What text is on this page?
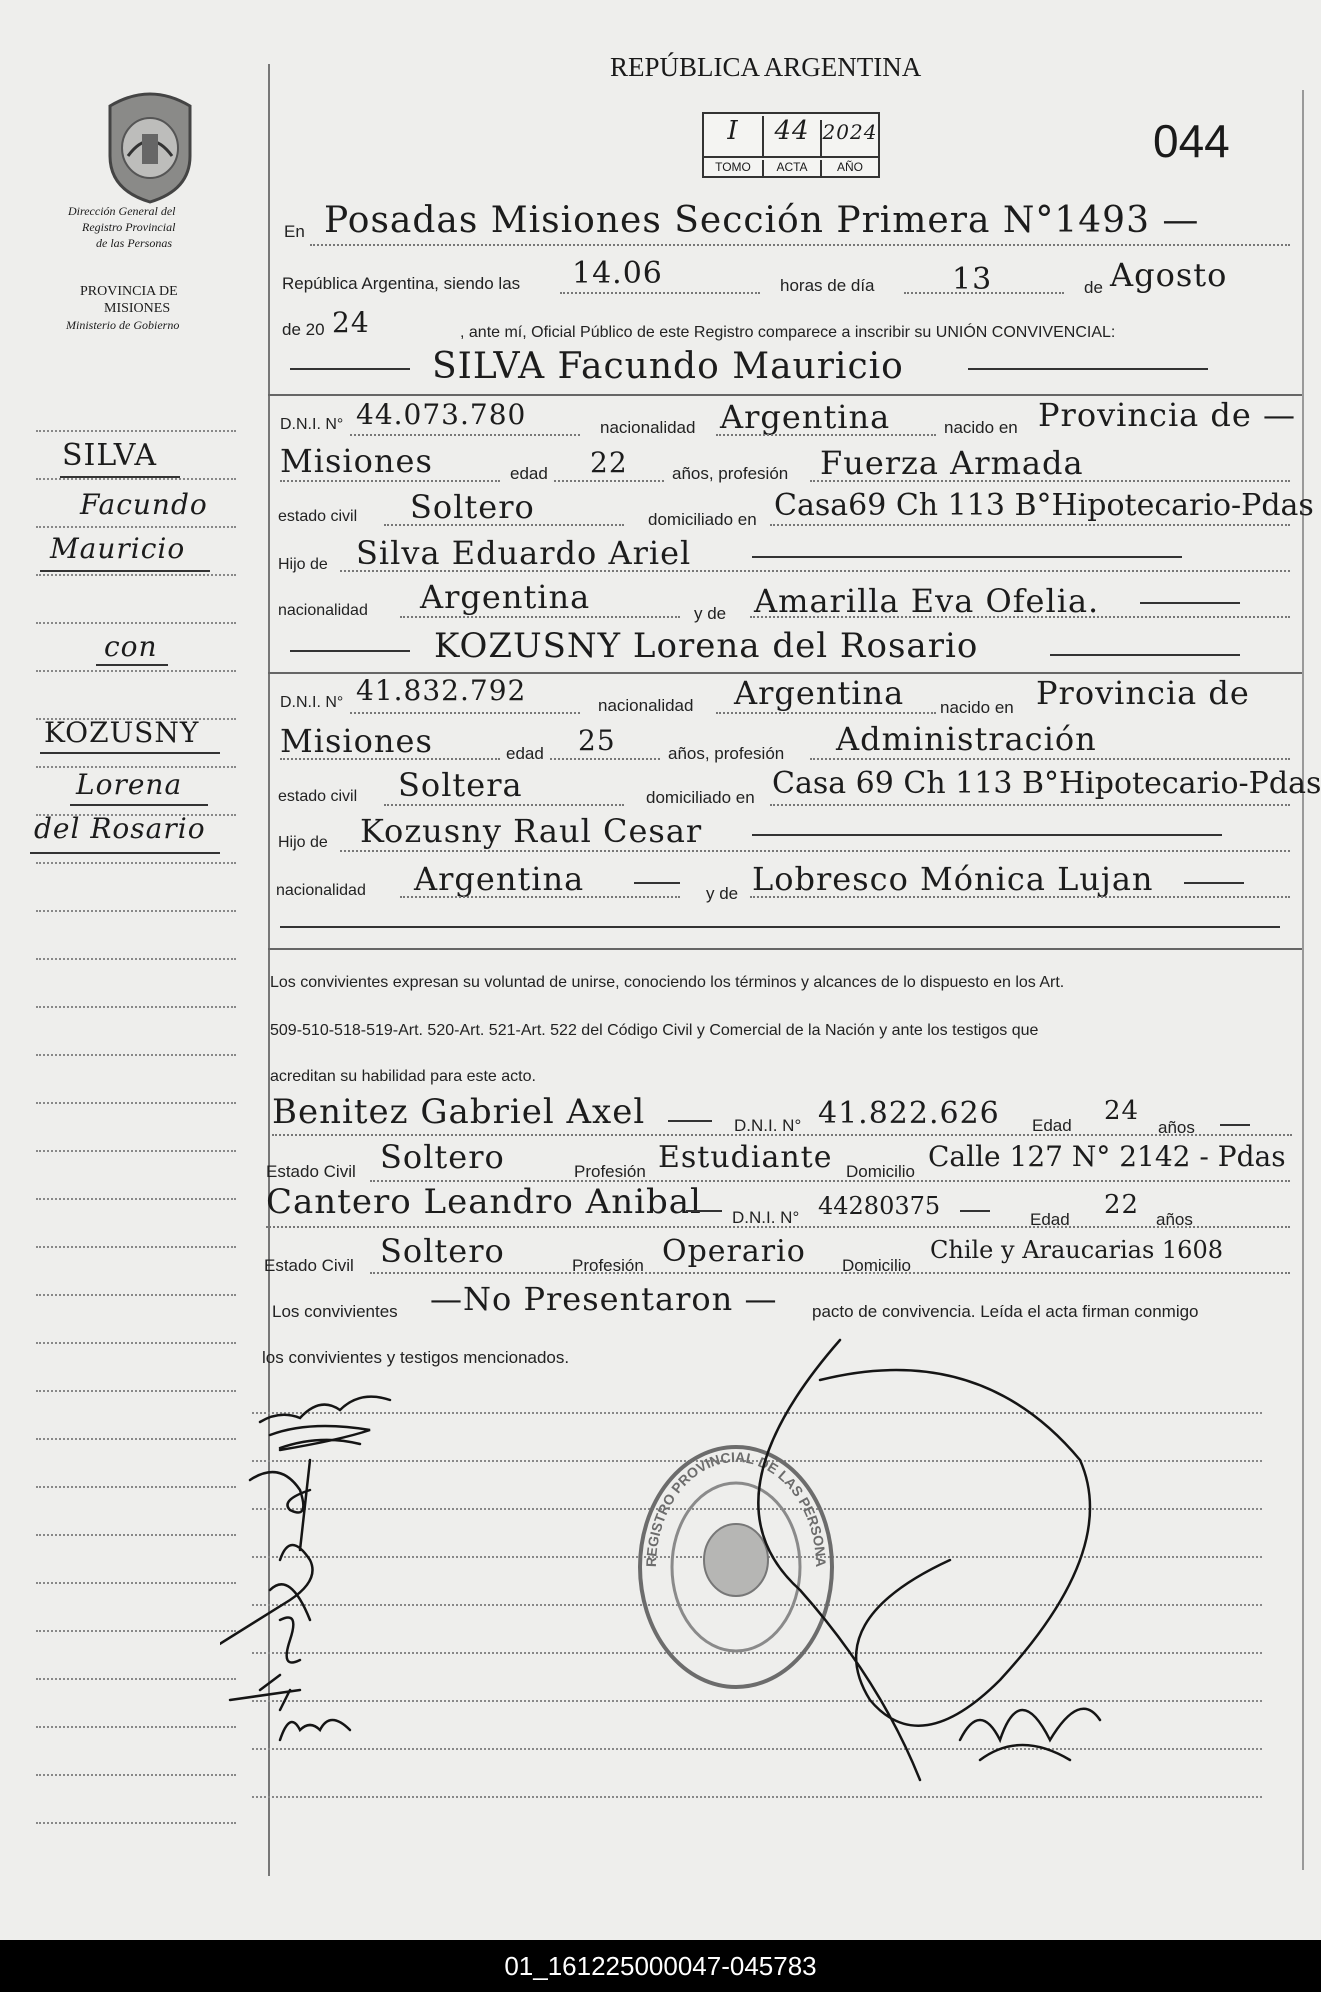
REPÚBLICA ARGENTINA
I	44 2024
TOMO	ACTA	AÑO	044
Dirección General del
Registro Provincial
de las Personas
PROVINCIA DE
MISIONES
Ministerio de Gobierno
SILVA
Facundo
Mauricio
con
KOZUSNY
Lorena
del Rosario
En Posadas Misiones Sección Primera N°1493 —
República Argentina, siendo las 14.06	horas de día	13	de Agosto
de 20 24	, ante mí, Oficial Público de este Registro comparece a inscribir su UNIÓN CONVIVENCIAL:
SILVA Facundo Mauricio
D.N.I. N° 44.073.780	nacionalidad Argentina	nacido en Provincia de —
Misiones	edad 22	años, profesión Fuerza Armada
estado civil Soltero	domiciliado en Casa69 Ch 113 B°Hipotecario-Pdas
Hijo de Silva Eduardo Ariel
nacionalidad Argentina	y de Amarilla Eva Ofelia.
KOZUSNY Lorena del Rosario
D.N.I. N° 41.832.792	nacionalidad Argentina nacido en Provincia de
Misiones	edad 25	años, profesión Administración
estado civil Soltera	domiciliado en Casa 69 Ch 113 B°Hipotecario-Pdas
Hijo de Kozusny Raul Cesar
nacionalidad Argentina	y de Lobresco Mónica Lujan
Los convivientes expresan su voluntad de unirse, conociendo los términos y alcances de lo dispuesto en los Art.
509-510-518-519-Art. 520-Art. 521-Art. 522 del Código Civil y Comercial de la Nación y ante los testigos que
acreditan su habilidad para este acto.
Benitez Gabriel Axel	D.N.I. N° 41.822.626 Edad 24
años
Estado Civil Soltero	Profesión Estudiante Domicilio Calle 127 N° 2142 - Pdas
Cantero Leandro Anibal D.N.I. N° 44280375	Edad 22 años
Estado Civil Soltero	Profesión Operario Domicilio
Chile y Araucarias 1608
Los convivientes —No Presentaron — pacto de convivencia. Leída el acta firman conmigo
los convivientes y testigos mencionados.
REGISTRO PROVINCIAL DE LAS PERSONA
01_161225000047-045783
